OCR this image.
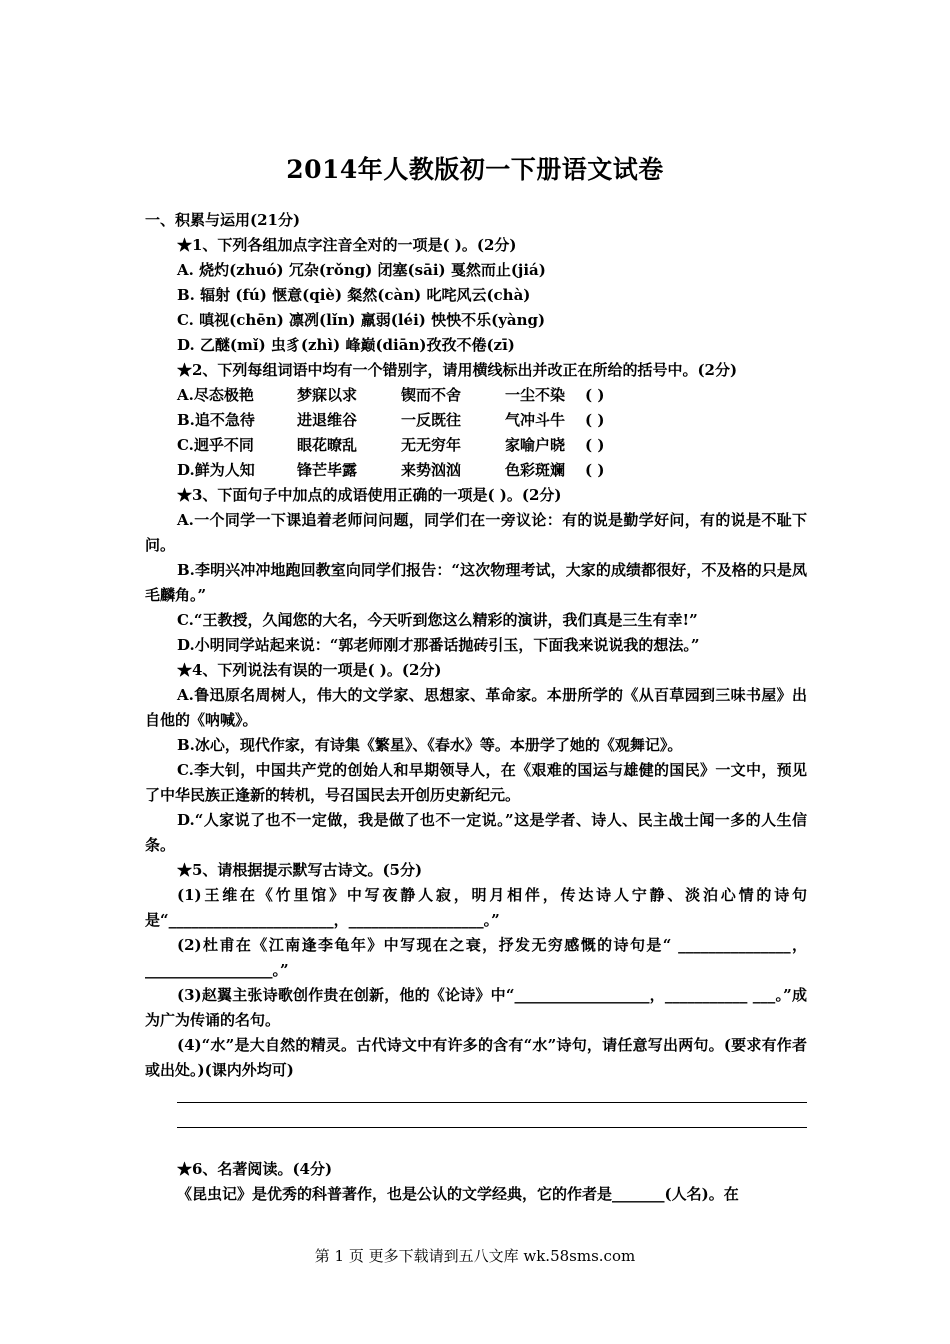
2014年人教版初一下册语文试卷
一、积累与运用(21分)
★1、下列各组加点字注音全对的一项是( )。(2分)
A. 烧灼(zhuó) 冗杂(rǒng) 闭塞(sāi) 戛然而止(jiá)
B. 辐射 (fú) 惬意(qiè) 粲然(càn) 叱咤风云(chà)
C. 嗔视(chēn) 凛冽(lǐn) 羸弱(léi) 怏怏不乐(yàng)
D. 乙醚(mǐ) 虫豸(zhì) 峰巅(diān)孜孜不倦(zī)
★2、下列每组词语中均有一个错别字，请用横线标出并改正在所给的括号中。(2分)
A.尽态极艳	梦寐以求	锲而不舍	一尘不染	( )
B.追不急待	进退维谷	一反既往	气冲斗牛	( )
C.迥乎不同	眼花暸乱	无无穷年	家喻户晓	( )
D.鲜为人知	锋芒毕露	来势汹汹	色彩斑斓	( )
★3、下面句子中加点的成语使用正确的一项是( )。(2分)
A.一个同学一下课追着老师问问题，同学们在一旁议论：有的说是勤学好问，有的说是不耻下问。
B.李明兴冲冲地跑回教室向同学们报告：“这次物理考试，大家的成绩都很好，不及格的只是凤毛麟角。”
C.“王教授，久闻您的大名，今天听到您这么精彩的演讲，我们真是三生有幸!”
D.小明同学站起来说：“郭老师刚才那番话抛砖引玉，下面我来说说我的想法。”
★4、下列说法有误的一项是( )。(2分)
A.鲁迅原名周树人，伟大的文学家、思想家、革命家。本册所学的《从百草园到三味书屋》出自他的《呐喊》。
B.冰心，现代作家，有诗集《繁星》、《春水》等。本册学了她的《观舞记》。
C.李大钊，中国共产党的创始人和早期领导人，在《艰难的国运与雄健的国民》一文中，预见了中华民族正逢新的转机，号召国民去开创历史新纪元。
D.“人家说了也不一定做，我是做了也不一定说。”这是学者、诗人、民主战士闻一多的人生信条。
★5、请根据提示默写古诗文。(5分)
(1)王维在《竹里馆》中写夜静人寂，明月相伴，传达诗人宁静、淡泊心情的诗句是“______________________，__________________。”
(2)杜甫在《江南逢李龟年》中写现在之衰，抒发无穷感慨的诗句是“ _______________，_________________。”
(3)赵翼主张诗歌创作贵在创新，他的《论诗》中“__________________，___________ ___。”成为广为传诵的名句。
(4)“水”是大自然的精灵。古代诗文中有许多的含有“水”诗句，请任意写出两句。(要求有作者或出处。)(课内外均可)
★6、名著阅读。(4分)
《昆虫记》是优秀的科普著作，也是公认的文学经典，它的作者是_______(人名)。在
第 1 页 更多下载请到五八文库 wk.58sms.com
